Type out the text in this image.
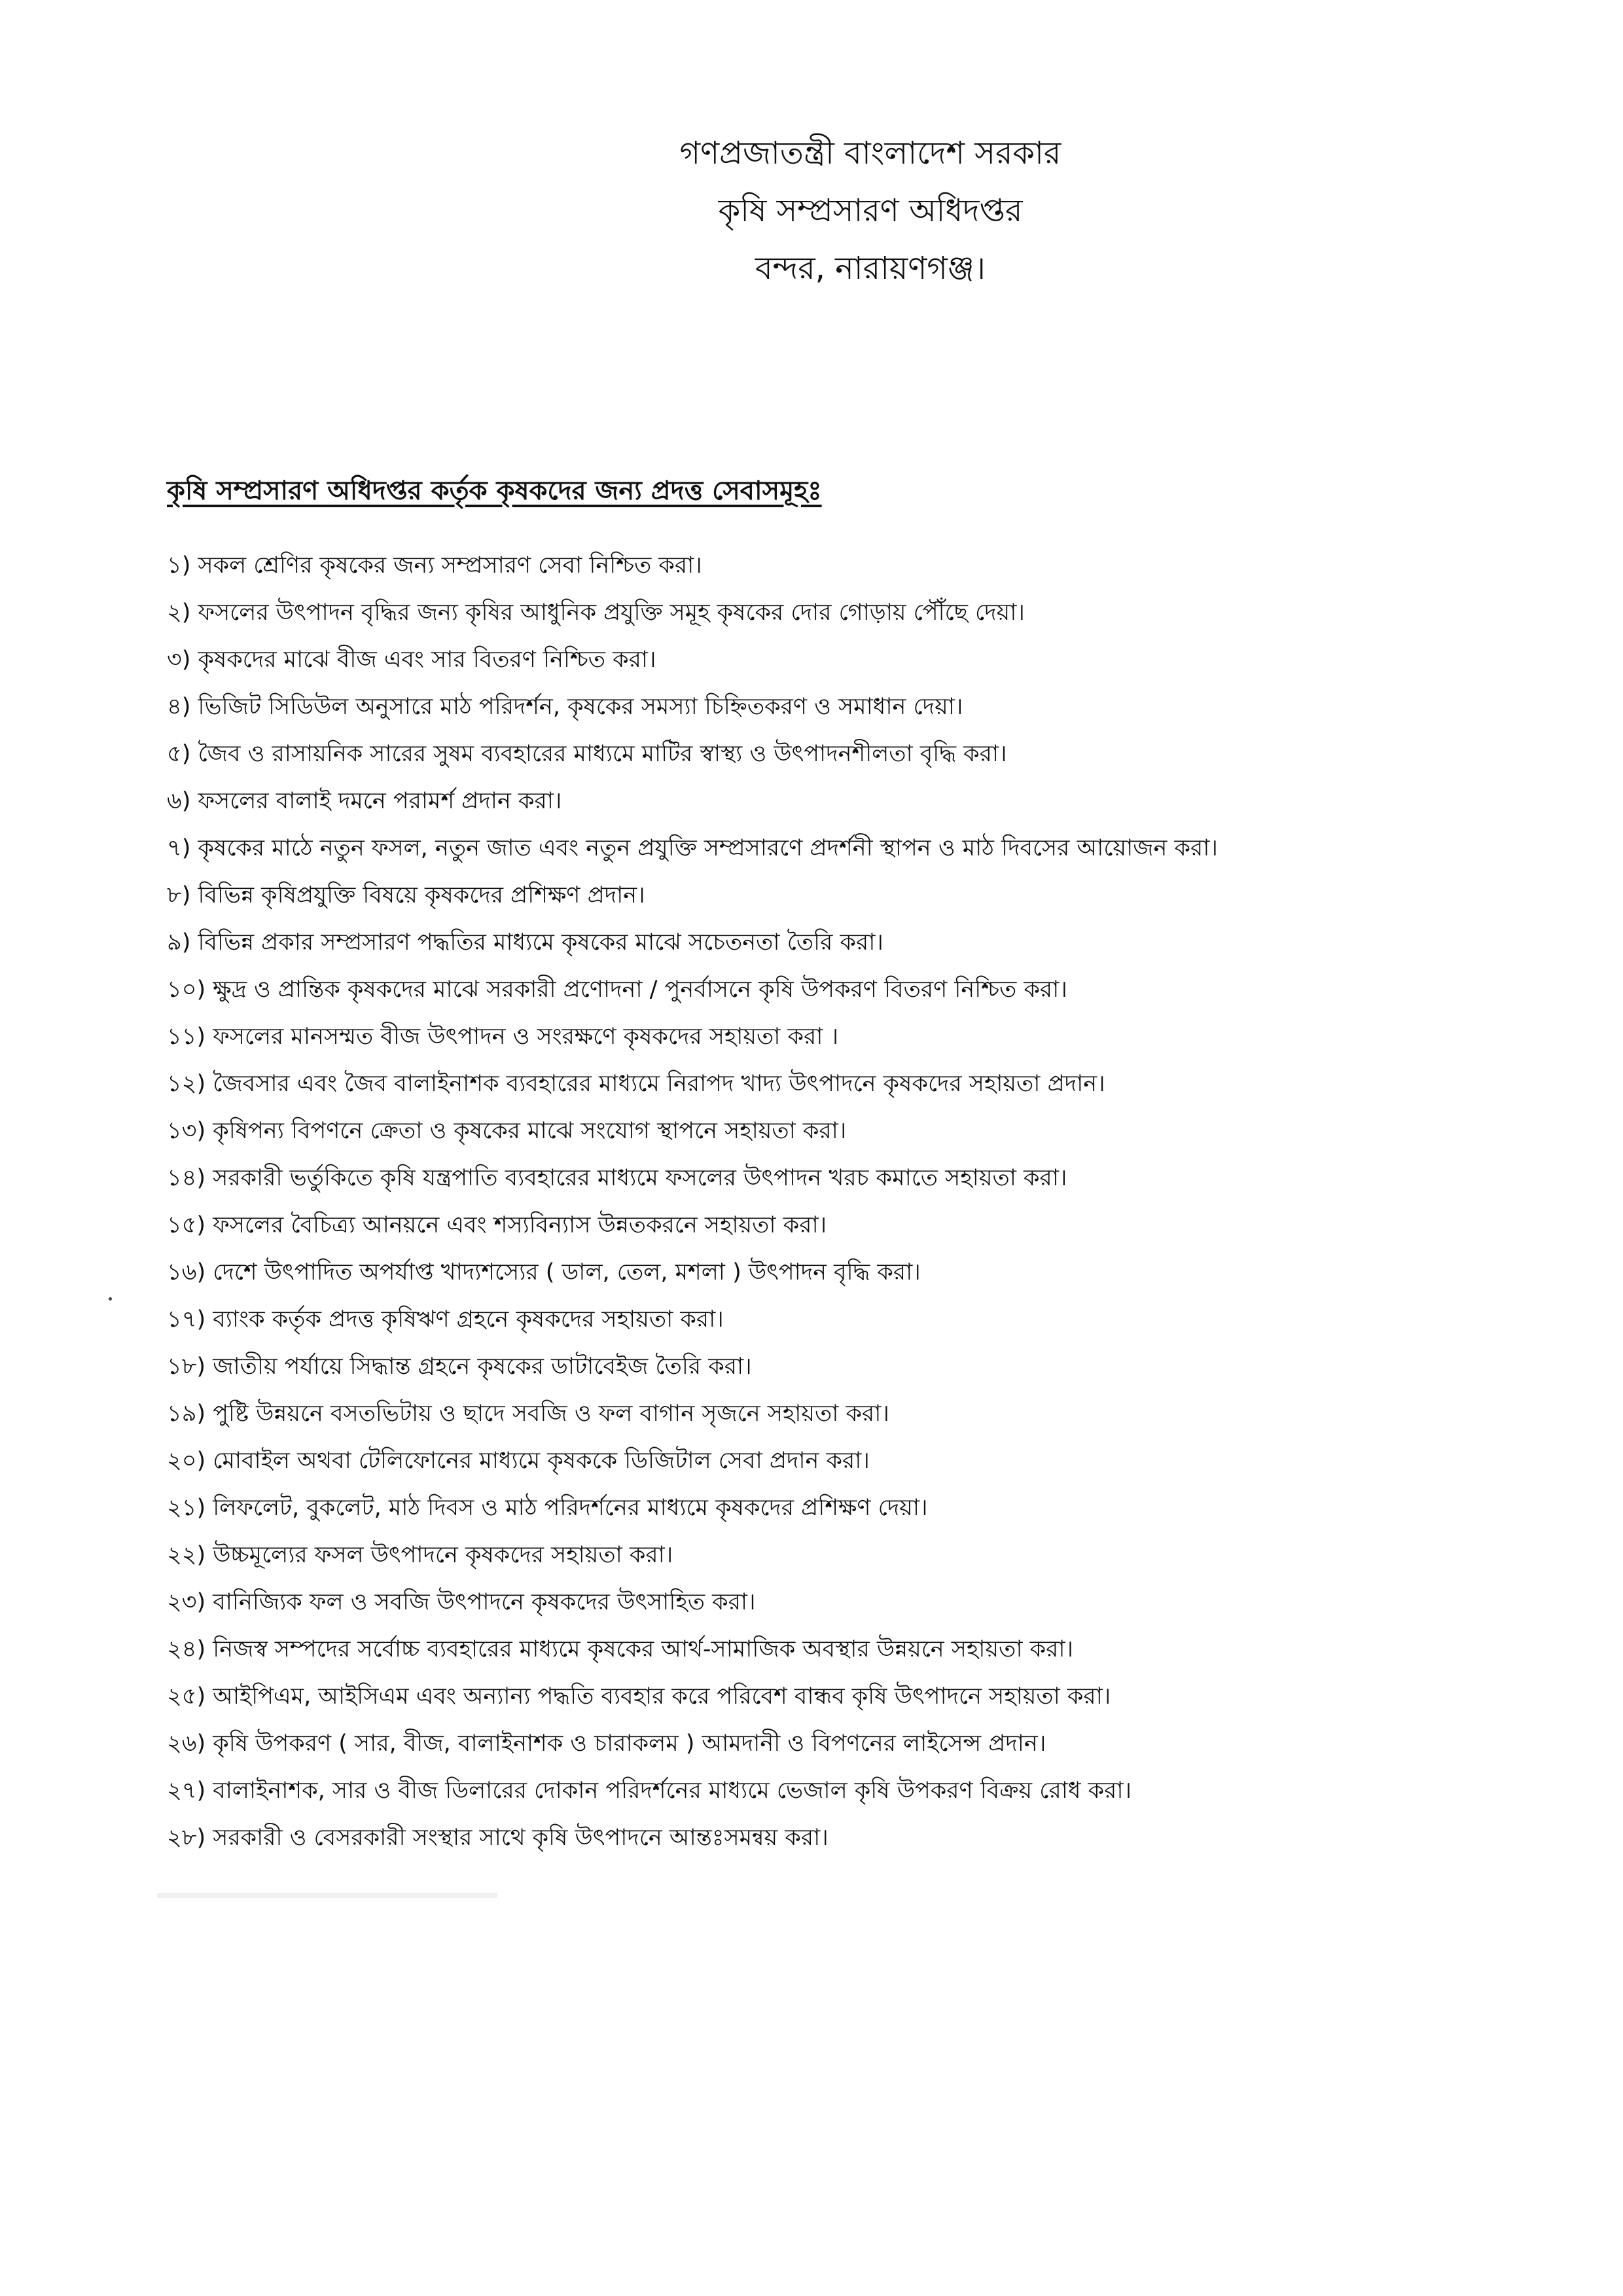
গণপ্রজাতন্ত্রী বাংলাদেশ সরকার
কৃষি সম্প্রসারণ অধিদপ্তর
বন্দর, নারায়ণগঞ্জ।
কৃষি সম্প্রসারণ অধিদপ্তর কর্তৃক কৃষকদের জন্য প্রদত্ত সেবাসমূহঃ
১) সকল শ্রেণির কৃষকের জন্য সম্প্রসারণ সেবা নিশ্চিত করা।
২) ফসলের উৎপাদন বৃদ্ধির জন্য কৃষির আধুনিক প্রযুক্তি সমূহ কৃষকের দোর গোড়ায় পৌঁছে দেয়া।
৩) কৃষকদের মাঝে বীজ এবং সার বিতরণ নিশ্চিত করা।
৪) ভিজিট সিডিউল অনুসারে মাঠ পরিদর্শন, কৃষকের সমস্যা চিহ্নিতকরণ ও সমাধান দেয়া।
৫) জৈব ও রাসায়নিক সারের সুষম ব্যবহারের মাধ্যমে মাটির স্বাস্থ্য ও উৎপাদনশীলতা বৃদ্ধি করা।
৬) ফসলের বালাই দমনে পরামর্শ প্রদান করা।
৭) কৃষকের মাঠে নতুন ফসল, নতুন জাত এবং নতুন প্রযুক্তি সম্প্রসারণে প্রদর্শনী স্থাপন ও মাঠ দিবসের আয়োজন করা।
৮) বিভিন্ন কৃষিপ্রযুক্তি বিষয়ে কৃষকদের প্রশিক্ষণ প্রদান।
৯) বিভিন্ন প্রকার সম্প্রসারণ পদ্ধতির মাধ্যমে কৃষকের মাঝে সচেতনতা তৈরি করা।
১০) ক্ষুদ্র ও প্রান্তিক কৃষকদের মাঝে সরকারী প্রণোদনা / পুনর্বাসনে কৃষি উপকরণ বিতরণ নিশ্চিত করা।
১১) ফসলের মানসম্মত বীজ উৎপাদন ও সংরক্ষণে কৃষকদের সহায়তা করা ।
১২) জৈবসার এবং জৈব বালাইনাশক ব্যবহারের মাধ্যমে নিরাপদ খাদ্য উৎপাদনে কৃষকদের সহায়তা প্রদান।
১৩) কৃষিপন্য বিপণনে ক্রেতা ও কৃষকের মাঝে সংযোগ স্থাপনে সহায়তা করা।
১৪) সরকারী ভর্তুকিতে কৃষি যন্ত্রপাতি ব্যবহারের মাধ্যমে ফসলের উৎপাদন খরচ কমাতে সহায়তা করা।
১৫) ফসলের বৈচিত্র্য আনয়নে এবং শস্যবিন্যাস উন্নতকরনে সহায়তা করা।
১৬) দেশে উৎপাদিত অপর্যাপ্ত খাদ্যশস্যের ( ডাল, তেল, মশলা ) উৎপাদন বৃদ্ধি করা।
১৭) ব্যাংক কর্তৃক প্রদত্ত কৃষিঋণ গ্রহনে কৃষকদের সহায়তা করা।
১৮) জাতীয় পর্যায়ে সিদ্ধান্ত গ্রহনে কৃষকের ডাটাবেইজ তৈরি করা।
১৯) পুষ্টি উন্নয়নে বসতভিটায় ও ছাদে সবজি ও ফল বাগান সৃজনে সহায়তা করা।
২০) মোবাইল অথবা টেলিফোনের মাধ্যমে কৃষককে ডিজিটাল সেবা প্রদান করা।
২১) লিফলেট, বুকলেট, মাঠ দিবস ও মাঠ পরিদর্শনের মাধ্যমে কৃষকদের প্রশিক্ষণ দেয়া।
২২) উচ্চমূল্যের ফসল উৎপাদনে কৃষকদের সহায়তা করা।
২৩) বানিজ্যিক ফল ও সবজি উৎপাদনে কৃষকদের উৎসাহিত করা।
২৪) নিজস্ব সম্পদের সর্বোচ্চ ব্যবহারের মাধ্যমে কৃষকের আর্থ-সামাজিক অবস্থার উন্নয়নে সহায়তা করা।
২৫) আইপিএম, আইসিএম এবং অন্যান্য পদ্ধতি ব্যবহার করে পরিবেশ বান্ধব কৃষি উৎপাদনে সহায়তা করা।
২৬) কৃষি উপকরণ ( সার, বীজ, বালাইনাশক ও চারাকলম ) আমদানী ও বিপণনের লাইসেন্স প্রদান।
২৭) বালাইনাশক, সার ও বীজ ডিলারের দোকান পরিদর্শনের মাধ্যমে ভেজাল কৃষি উপকরণ বিক্রয় রোধ করা।
২৮) সরকারী ও বেসরকারী সংস্থার সাথে কৃষি উৎপাদনে আন্তঃসমন্বয় করা।
